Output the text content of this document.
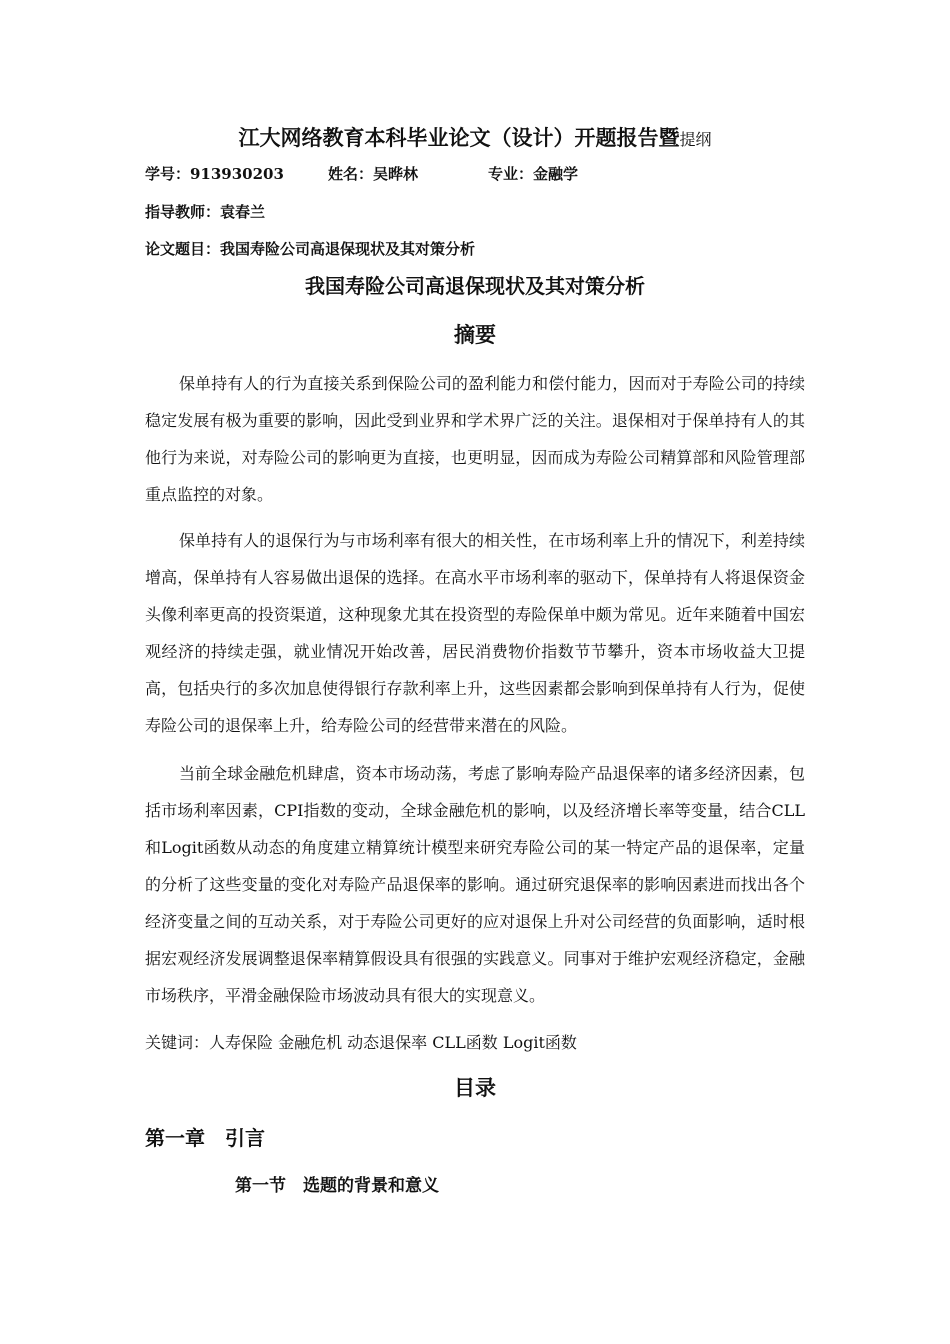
江大网络教育本科毕业论文（设计）开题报告暨提纲
学号：913930203	姓名：吴晔林	专业：金融学
指导教师：袁春兰
论文题目：我国寿险公司高退保现状及其对策分析
我国寿险公司高退保现状及其对策分析
摘要

保单持有人的行为直接关系到保险公司的盈利能力和偿付能力，因而对于寿险公司的持续稳定发展有极为重要的影响，因此受到业界和学术界广泛的关注。退保相对于保单持有人的其他行为来说，对寿险公司的影响更为直接，也更明显，因而成为寿险公司精算部和风险管理部重点监控的对象。

保单持有人的退保行为与市场利率有很大的相关性，在市场利率上升的情况下，利差持续增高，保单持有人容易做出退保的选择。在高水平市场利率的驱动下，保单持有人将退保资金头像利率更高的投资渠道，这种现象尤其在投资型的寿险保单中颇为常见。近年来随着中国宏观经济的持续走强，就业情况开始改善，居民消费物价指数节节攀升，资本市场收益大卫提高，包括央行的多次加息使得银行存款利率上升，这些因素都会影响到保单持有人行为，促使寿险公司的退保率上升，给寿险公司的经营带来潜在的风险。

当前全球金融危机肆虐，资本市场动荡，考虑了影响寿险产品退保率的诸多经济因素，包括市场利率因素，CPI指数的变动，全球金融危机的影响，以及经济增长率等变量，结合CLL和Logit函数从动态的角度建立精算统计模型来研究寿险公司的某一特定产品的退保率，定量的分析了这些变量的变化对寿险产品退保率的影响。通过研究退保率的影响因素进而找出各个经济变量之间的互动关系，对于寿险公司更好的应对退保上升对公司经营的负面影响，适时根据宏观经济发展调整退保率精算假设具有很强的实践意义。同事对于维护宏观经济稳定，金融市场秩序，平滑金融保险市场波动具有很大的实现意义。

关键词：人寿保险 金融危机 动态退保率 CLL函数 Logit函数
目录
第一章　引言
第一节　选题的背景和意义
